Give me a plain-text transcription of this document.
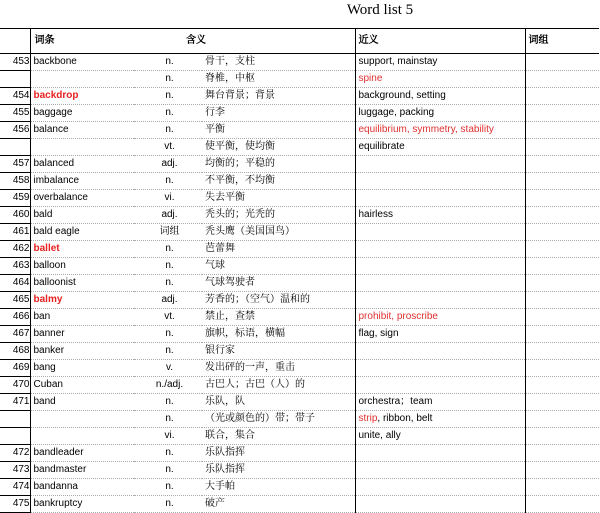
Word list 5
	词条	含义		近义	词组
453	backbone	n.	骨干，支柱	support, mainstay	
		n.	脊椎，中枢	spine	
454	backdrop	n.	舞台背景；背景	background, setting	
455	baggage	n.	行李	luggage, packing	
456	balance	n.	平衡	equilibrium, symmetry, stability	
		vt.	使平衡，使均衡	equilibrate	
457	balanced	adj.	均衡的；平稳的		
458	imbalance	n.	不平衡，不均衡		
459	overbalance	vi.	失去平衡		
460	bald	adj.	秃头的；光秃的	hairless	
461	bald eagle	词组	秃头鹰（美国国鸟）		
462	ballet	n.	芭蕾舞		
463	balloon	n.	气球		
464	balloonist	n.	气球驾驶者		
465	balmy	adj.	芳香的；（空气）温和的		
466	ban	vt.	禁止，查禁	prohibit, proscribe	
467	banner	n.	旗帜，标语，横幅	flag, sign	
468	banker	n.	银行家		
469	bang	v.	发出砰的一声，重击		
470	Cuban	n./adj.	古巴人；古巴（人）的		
471	band	n.	乐队，队	orchestra；team	
		n.	（光或颜色的）带；带子	strip, ribbon, belt	
		vi.	联合，集合	unite, ally	
472	bandleader	n.	乐队指挥		
473	bandmaster	n.	乐队指挥		
474	bandanna	n.	大手帕		
475	bankruptcy	n.	破产		
